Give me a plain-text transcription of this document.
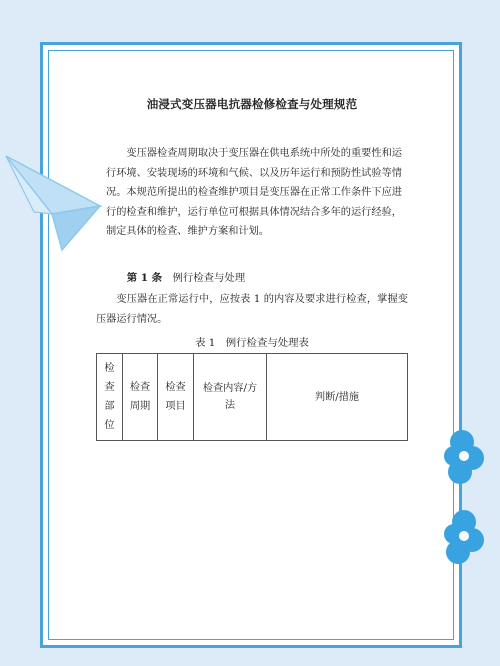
油浸式变压器电抗器检修检查与处理规范

变压器检查周期取决于变压器在供电系统中所处的重要性和运行环境、安装现场的环境和气候、以及历年运行和预防性试验等情况。本规范所提出的检查维护项目是变压器在正常工作条件下应进行的检查和维护，运行单位可根据具体情况结合多年的运行经验，制定具体的检查、维护方案和计划。

第 1 条　 例行检查与处理

变压器在正常运行中，应按表 1 的内容及要求进行检查，掌握变压器运行情况。

表 1　例行检查与处理表
检查部位	检查周期	检查项目	检查内容/方法	判断/措施
